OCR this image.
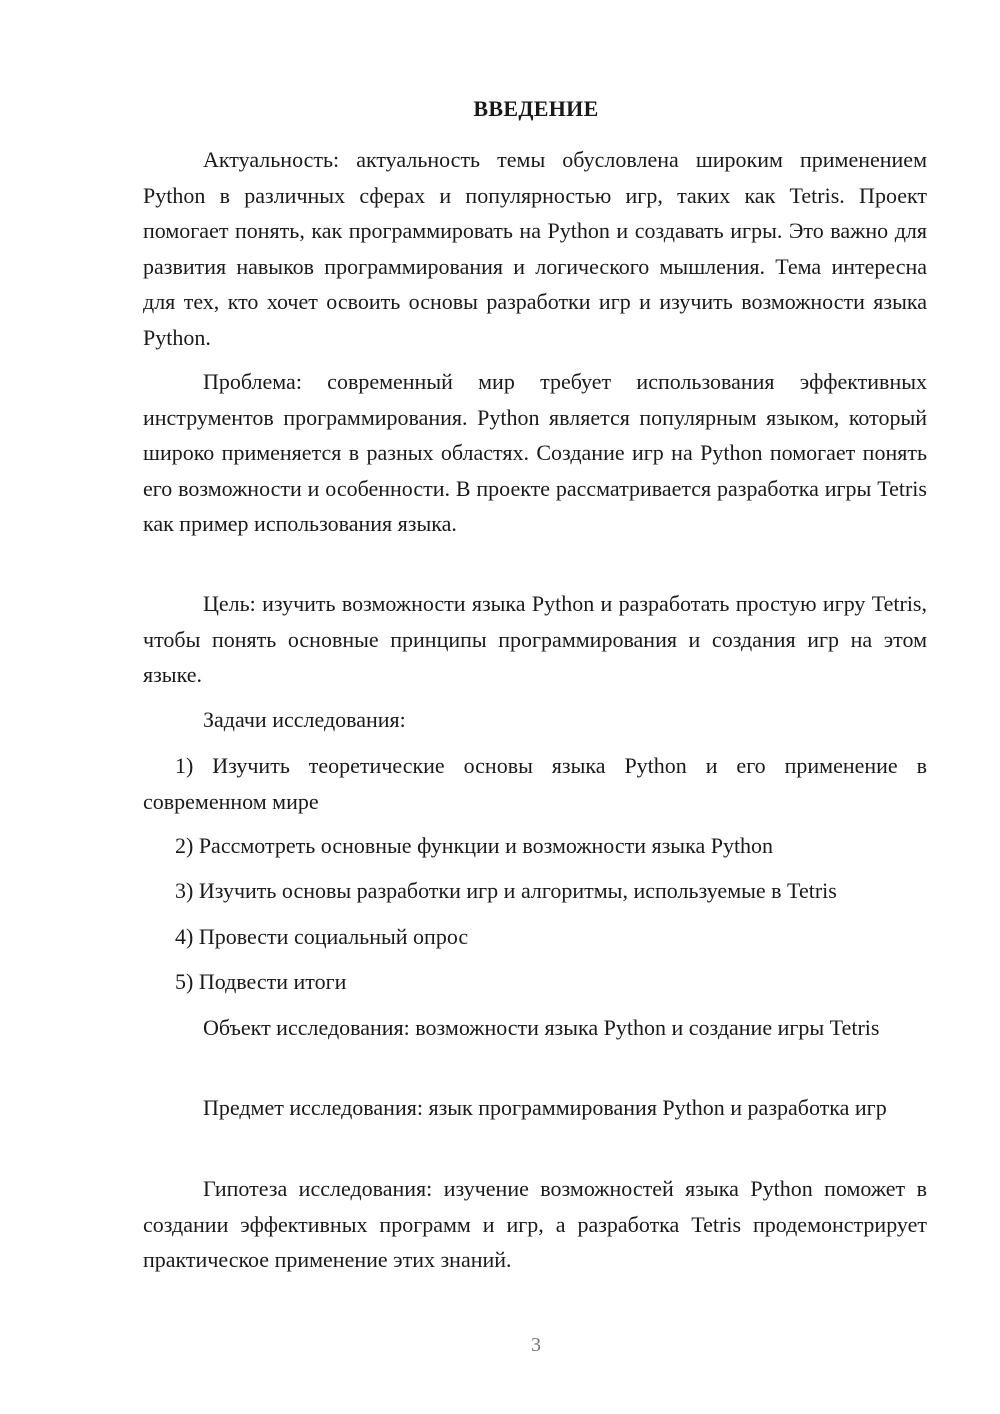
ВВЕДЕНИЕ

Актуальность: актуальность темы обусловлена широким применением Python в различных сферах и популярностью игр, таких как Tetris. Проект помогает понять, как программировать на Python и создавать игры. Это важно для развития навыков программирования и логического мышления. Тема интересна для тех, кто хочет освоить основы разработки игр и изучить возможности языка Python.

Проблема: современный мир требует использования эффективных инструментов программирования. Python является популярным языком, который широко применяется в разных областях. Создание игр на Python помогает понять его возможности и особенности. В проекте рассматривается разработка игры Tetris как пример использования языка.

Цель: изучить возможности языка Python и разработать простую игру Tetris, чтобы понять основные принципы программирования и создания игр на этом языке.

Задачи исследования:

1) Изучить теоретические основы языка Python и его применение в современном мире

2) Рассмотреть основные функции и возможности языка Python

3) Изучить основы разработки игр и алгоритмы, используемые в Tetris

4) Провести социальный опрос

5) Подвести итоги

Объект исследования: возможности языка Python и создание игры Tetris

Предмет исследования: язык программирования Python и разработка игр

Гипотеза исследования: изучение возможностей языка Python поможет в создании эффективных программ и игр, а разработка Tetris продемонстрирует практическое применение этих знаний.

3
